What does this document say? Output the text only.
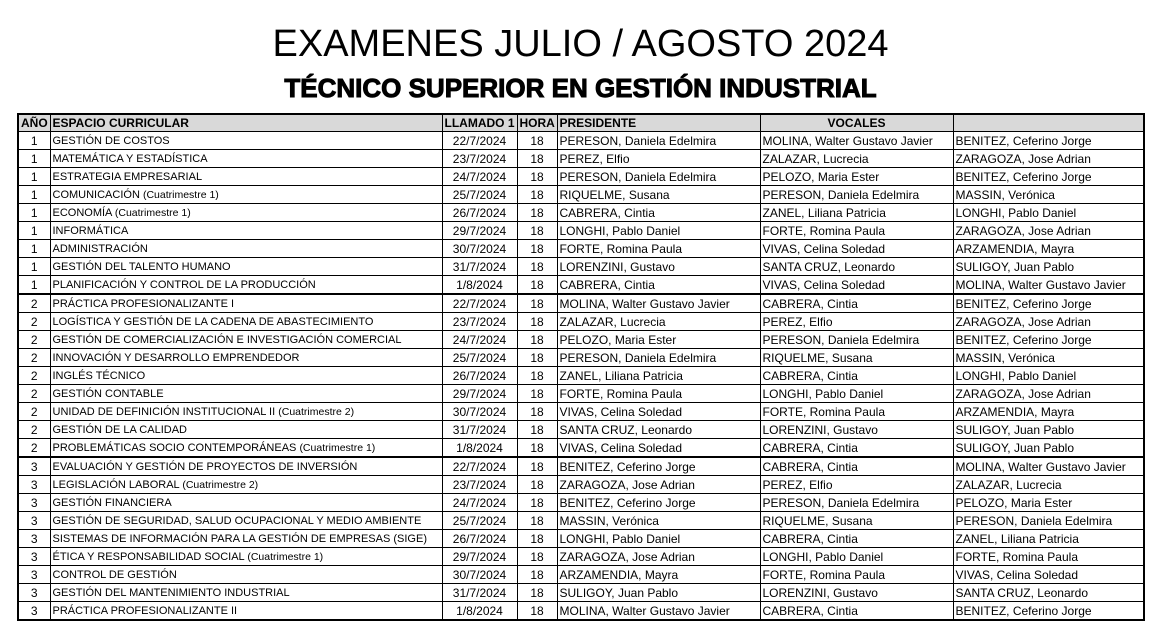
EXAMENES JULIO / AGOSTO 2024
TÉCNICO SUPERIOR EN GESTIÓN INDUSTRIAL
AÑO	ESPACIO CURRICULAR	LLAMADO 1	HORA	PRESIDENTE	VOCALES	
1	GESTIÓN DE COSTOS	22/7/2024	18	PERESON, Daniela Edelmira	MOLINA, Walter Gustavo Javier	BENITEZ, Ceferino Jorge
1	MATEMÁTICA Y ESTADÍSTICA	23/7/2024	18	PEREZ, Elfio	ZALAZAR, Lucrecia	ZARAGOZA, Jose Adrian
1	ESTRATEGIA EMPRESARIAL	24/7/2024	18	PERESON, Daniela Edelmira	PELOZO, Maria Ester	BENITEZ, Ceferino Jorge
1	COMUNICACIÓN (Cuatrimestre 1)	25/7/2024	18	RIQUELME, Susana	PERESON, Daniela Edelmira	MASSIN, Verónica
1	ECONOMÍA (Cuatrimestre 1)	26/7/2024	18	CABRERA, Cintia	ZANEL, Liliana Patricia	LONGHI, Pablo Daniel
1	INFORMÁTICA	29/7/2024	18	LONGHI, Pablo Daniel	FORTE, Romina Paula	ZARAGOZA, Jose Adrian
1	ADMINISTRACIÓN	30/7/2024	18	FORTE, Romina Paula	VIVAS, Celina Soledad	ARZAMENDIA, Mayra
1	GESTIÓN DEL TALENTO HUMANO	31/7/2024	18	LORENZINI, Gustavo	SANTA CRUZ, Leonardo	SULIGOY, Juan Pablo
1	PLANIFICACIÓN Y CONTROL DE LA PRODUCCIÓN	1/8/2024	18	CABRERA, Cintia	VIVAS, Celina Soledad	MOLINA, Walter Gustavo Javier
2	PRÁCTICA PROFESIONALIZANTE I	22/7/2024	18	MOLINA, Walter Gustavo Javier	CABRERA, Cintia	BENITEZ, Ceferino Jorge
2	LOGÍSTICA Y GESTIÓN DE LA CADENA DE ABASTECIMIENTO	23/7/2024	18	ZALAZAR, Lucrecia	PEREZ, Elfio	ZARAGOZA, Jose Adrian
2	GESTIÓN DE COMERCIALIZACIÓN E INVESTIGACIÓN COMERCIAL	24/7/2024	18	PELOZO, Maria Ester	PERESON, Daniela Edelmira	BENITEZ, Ceferino Jorge
2	INNOVACIÓN Y DESARROLLO EMPRENDEDOR	25/7/2024	18	PERESON, Daniela Edelmira	RIQUELME, Susana	MASSIN, Verónica
2	INGLÉS TÉCNICO	26/7/2024	18	ZANEL, Liliana Patricia	CABRERA, Cintia	LONGHI, Pablo Daniel
2	GESTIÓN CONTABLE	29/7/2024	18	FORTE, Romina Paula	LONGHI, Pablo Daniel	ZARAGOZA, Jose Adrian
2	UNIDAD DE DEFINICIÓN INSTITUCIONAL II (Cuatrimestre 2)	30/7/2024	18	VIVAS, Celina Soledad	FORTE, Romina Paula	ARZAMENDIA, Mayra
2	GESTIÓN DE LA CALIDAD	31/7/2024	18	SANTA CRUZ, Leonardo	LORENZINI, Gustavo	SULIGOY, Juan Pablo
2	PROBLEMÁTICAS SOCIO CONTEMPORÁNEAS (Cuatrimestre 1)	1/8/2024	18	VIVAS, Celina Soledad	CABRERA, Cintia	SULIGOY, Juan Pablo
3	EVALUACIÓN Y GESTIÓN DE PROYECTOS DE INVERSIÓN	22/7/2024	18	BENITEZ, Ceferino Jorge	CABRERA, Cintia	MOLINA, Walter Gustavo Javier
3	LEGISLACIÓN LABORAL (Cuatrimestre 2)	23/7/2024	18	ZARAGOZA, Jose Adrian	PEREZ, Elfio	ZALAZAR, Lucrecia
3	GESTIÓN FINANCIERA	24/7/2024	18	BENITEZ, Ceferino Jorge	PERESON, Daniela Edelmira	PELOZO, Maria Ester
3	GESTIÓN DE SEGURIDAD, SALUD OCUPACIONAL Y MEDIO AMBIENTE	25/7/2024	18	MASSIN, Verónica	RIQUELME, Susana	PERESON, Daniela Edelmira
3	SISTEMAS DE INFORMACIÓN PARA LA GESTIÓN DE EMPRESAS (SIGE)	26/7/2024	18	LONGHI, Pablo Daniel	CABRERA, Cintia	ZANEL, Liliana Patricia
3	ÉTICA Y RESPONSABILIDAD SOCIAL (Cuatrimestre 1)	29/7/2024	18	ZARAGOZA, Jose Adrian	LONGHI, Pablo Daniel	FORTE, Romina Paula
3	CONTROL DE GESTIÓN	30/7/2024	18	ARZAMENDIA, Mayra	FORTE, Romina Paula	VIVAS, Celina Soledad
3	GESTIÓN DEL MANTENIMIENTO INDUSTRIAL	31/7/2024	18	SULIGOY, Juan Pablo	LORENZINI, Gustavo	SANTA CRUZ, Leonardo
3	PRÁCTICA PROFESIONALIZANTE II	1/8/2024	18	MOLINA, Walter Gustavo Javier	CABRERA, Cintia	BENITEZ, Ceferino Jorge
